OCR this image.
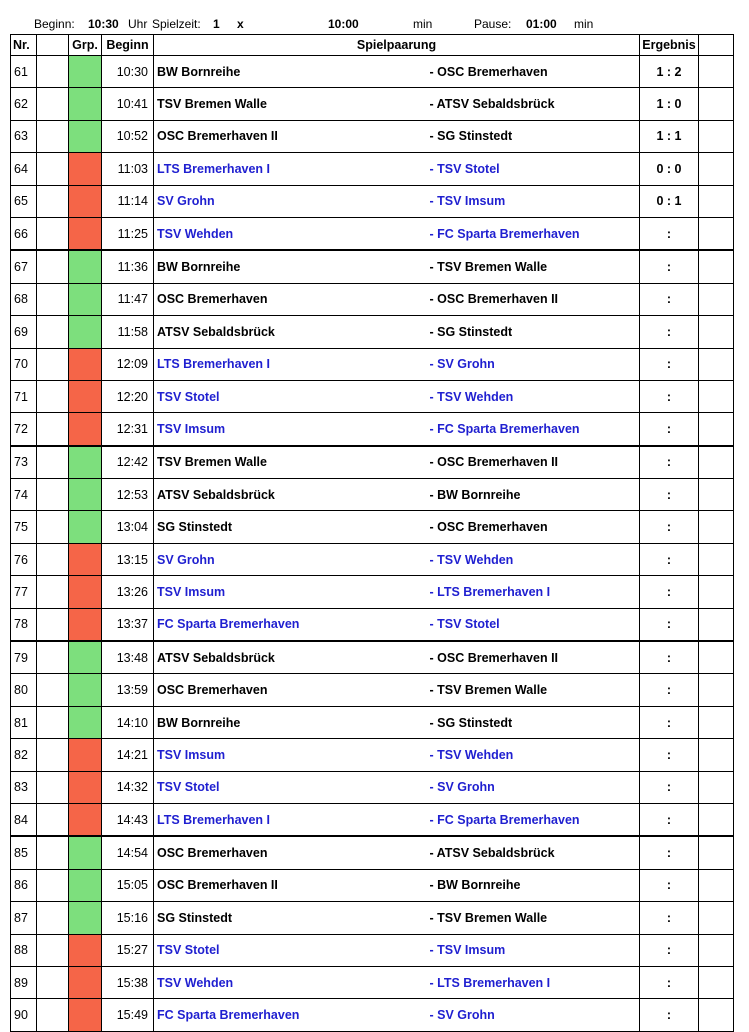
Beginn: 10:30 Uhr Spielzeit: 1 x	10:00	min	Pause: 01:00 min
Nr.		Grp.	Beginn	Spielpaarung		Ergebnis	
61			10:30	BW Bornreihe	- OSC Bremerhaven	1 : 2	
62			10:41	TSV Bremen Walle	- ATSV Sebaldsbrück	1 : 0	
63			10:52	OSC Bremerhaven II	- SG Stinstedt	1 : 1	
64			11:03	LTS Bremerhaven I	- TSV Stotel	0 : 0	
65			11:14	SV Grohn	- TSV Imsum	0 : 1	
66			11:25	TSV Wehden	- FC Sparta Bremerhaven	:	
67			11:36	BW Bornreihe	- TSV Bremen Walle	:	
68			11:47	OSC Bremerhaven	- OSC Bremerhaven II	:	
69			11:58	ATSV Sebaldsbrück	- SG Stinstedt	:	
70			12:09	LTS Bremerhaven I	- SV Grohn	:	
71			12:20	TSV Stotel	- TSV Wehden	:	
72			12:31	TSV Imsum	- FC Sparta Bremerhaven	:	
73			12:42	TSV Bremen Walle	- OSC Bremerhaven II	:	
74			12:53	ATSV Sebaldsbrück	- BW Bornreihe	:	
75			13:04	SG Stinstedt	- OSC Bremerhaven	:	
76			13:15	SV Grohn	- TSV Wehden	:	
77			13:26	TSV Imsum	- LTS Bremerhaven I	:	
78			13:37	FC Sparta Bremerhaven	- TSV Stotel	:	
79			13:48	ATSV Sebaldsbrück	- OSC Bremerhaven II	:	
80			13:59	OSC Bremerhaven	- TSV Bremen Walle	:	
81			14:10	BW Bornreihe	- SG Stinstedt	:	
82			14:21	TSV Imsum	- TSV Wehden	:	
83			14:32	TSV Stotel	- SV Grohn	:	
84			14:43	LTS Bremerhaven I	- FC Sparta Bremerhaven	:	
85			14:54	OSC Bremerhaven	- ATSV Sebaldsbrück	:	
86			15:05	OSC Bremerhaven II	- BW Bornreihe	:	
87			15:16	SG Stinstedt	- TSV Bremen Walle	:	
88			15:27	TSV Stotel	- TSV Imsum	:	
89			15:38	TSV Wehden	- LTS Bremerhaven I	:	
90			15:49	FC Sparta Bremerhaven	- SV Grohn	:	
